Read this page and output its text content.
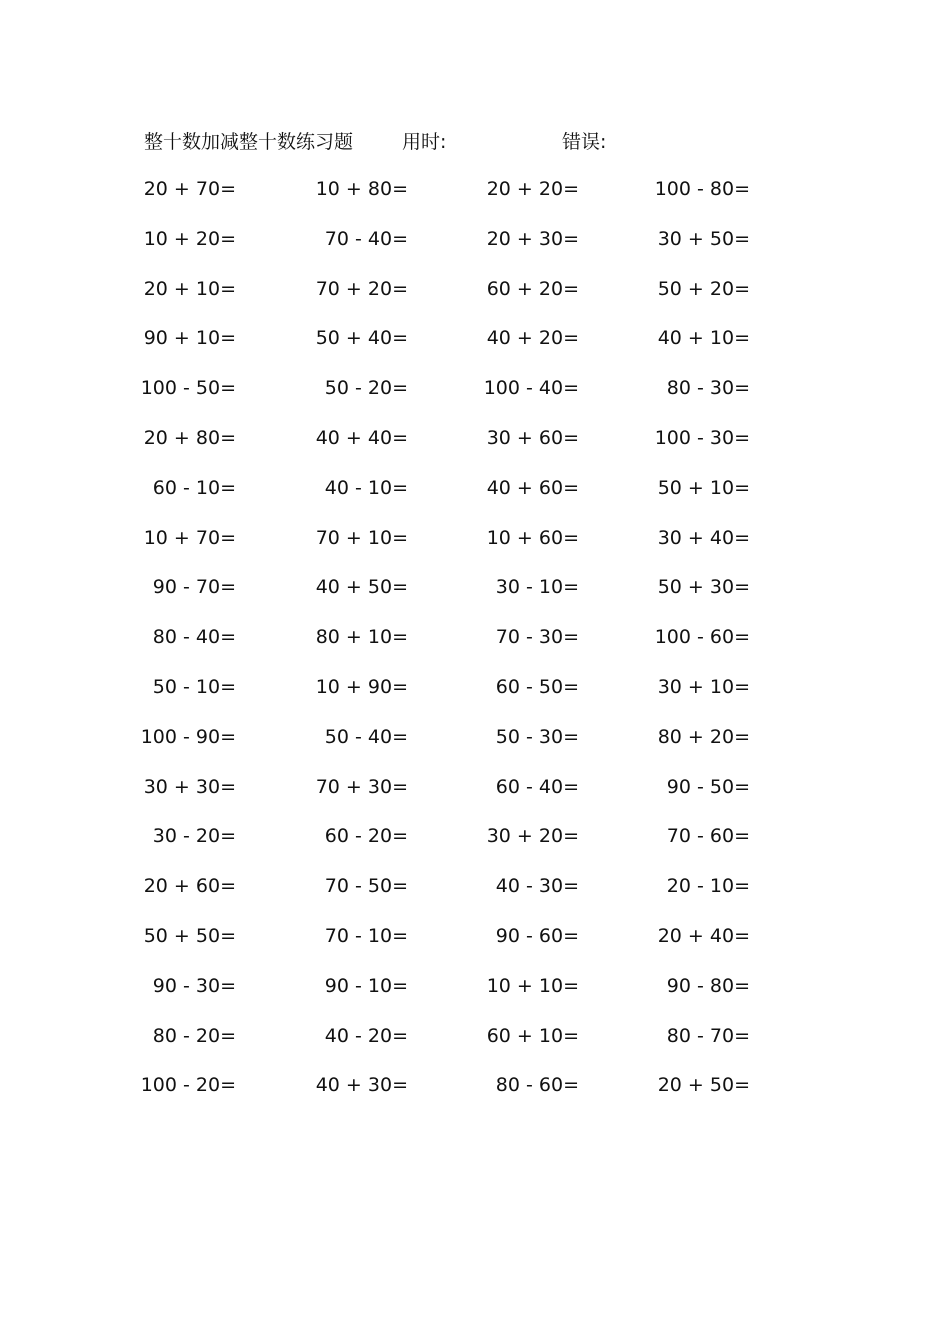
整十数加减整十数练习题	用时:	错误:
20 + 70=	10 + 80=	20 + 20=	100 - 80=
10 + 20=	70 - 40=	20 + 30=	30 + 50=
20 + 10=	70 + 20=	60 + 20=	50 + 20=
90 + 10=	50 + 40=	40 + 20=	40 + 10=
100 - 50=	50 - 20=	100 - 40=	80 - 30=
20 + 80=	40 + 40=	30 + 60=	100 - 30=
60 - 10=	40 - 10=	40 + 60=	50 + 10=
10 + 70=	70 + 10=	10 + 60=	30 + 40=
90 - 70=	40 + 50=	30 - 10=	50 + 30=
80 - 40=	80 + 10=	70 - 30=	100 - 60=
50 - 10=	10 + 90=	60 - 50=	30 + 10=
100 - 90=	50 - 40=	50 - 30=	80 + 20=
30 + 30=	70 + 30=	60 - 40=	90 - 50=
30 - 20=	60 - 20=	30 + 20=	70 - 60=
20 + 60=	70 - 50=	40 - 30=	20 - 10=
50 + 50=	70 - 10=	90 - 60=	20 + 40=
90 - 30=	90 - 10=	10 + 10=	90 - 80=
80 - 20=	40 - 20=	60 + 10=	80 - 70=
100 - 20=	40 + 30=	80 - 60=	20 + 50=
